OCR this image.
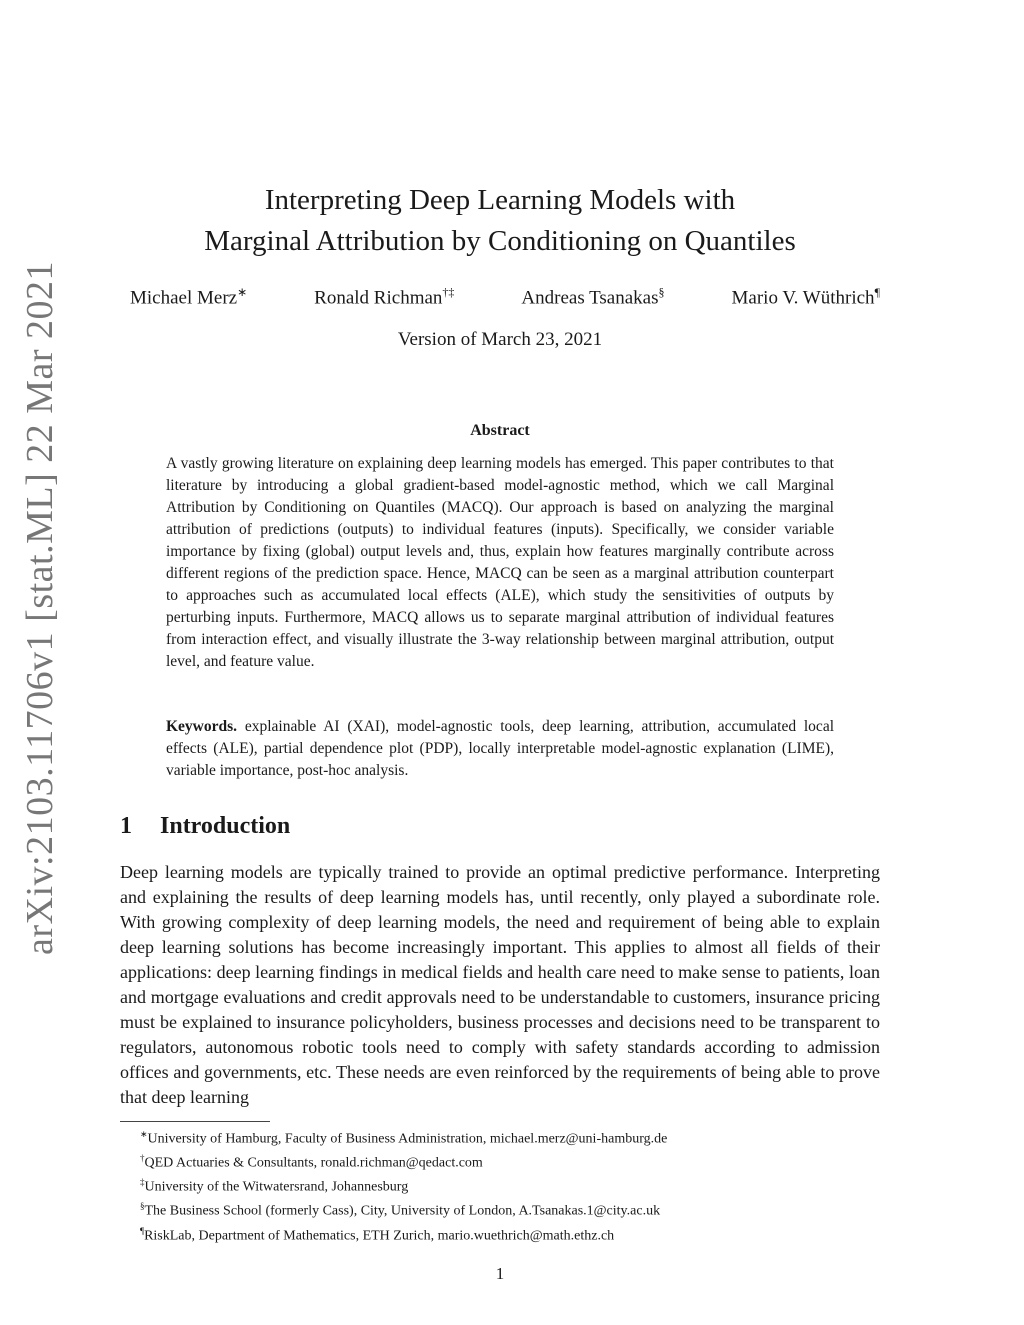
arXiv:2103.11706v1 [stat.ML] 22 Mar 2021
Interpreting Deep Learning Models with
Marginal Attribution by Conditioning on Quantiles
Michael Merz∗	Ronald Richman†‡	Andreas Tsanakas§	Mario V. Wüthrich¶
Version of March 23, 2021
Abstract
A vastly growing literature on explaining deep learning models has emerged. This paper contributes to that literature by introducing a global gradient-based model-agnostic method, which we call Marginal Attribution by Conditioning on Quantiles (MACQ). Our approach is based on analyzing the marginal attribution of predictions (outputs) to individual features (inputs). Specifically, we consider variable importance by fixing (global) output levels and, thus, explain how features marginally contribute across different regions of the prediction space. Hence, MACQ can be seen as a marginal attribution counterpart to approaches such as accumulated local effects (ALE), which study the sensitivities of outputs by perturbing inputs. Furthermore, MACQ allows us to separate marginal attribution of individual features from interaction effect, and visually illustrate the 3-way relationship between marginal attribution, output level, and feature value.
Keywords. explainable AI (XAI), model-agnostic tools, deep learning, attribution, accumulated local effects (ALE), partial dependence plot (PDP), locally interpretable model-agnostic explanation (LIME), variable importance, post-hoc analysis.
1 Introduction
Deep learning models are typically trained to provide an optimal predictive performance. Interpreting and explaining the results of deep learning models has, until recently, only played a subordinate role. With growing complexity of deep learning models, the need and requirement of being able to explain deep learning solutions has become increasingly important. This applies to almost all fields of their applications: deep learning findings in medical fields and health care need to make sense to patients, loan and mortgage evaluations and credit approvals need to be understandable to customers, insurance pricing must be explained to insurance policyholders, business processes and decisions need to be transparent to regulators, autonomous robotic tools need to comply with safety standards according to admission offices and governments, etc. These needs are even reinforced by the requirements of being able to prove that deep learning
∗University of Hamburg, Faculty of Business Administration, michael.merz@uni-hamburg.de
†QED Actuaries & Consultants, ronald.richman@qedact.com
‡University of the Witwatersrand, Johannesburg
§The Business School (formerly Cass), City, University of London, A.Tsanakas.1@city.ac.uk
¶RiskLab, Department of Mathematics, ETH Zurich, mario.wuethrich@math.ethz.ch
1
